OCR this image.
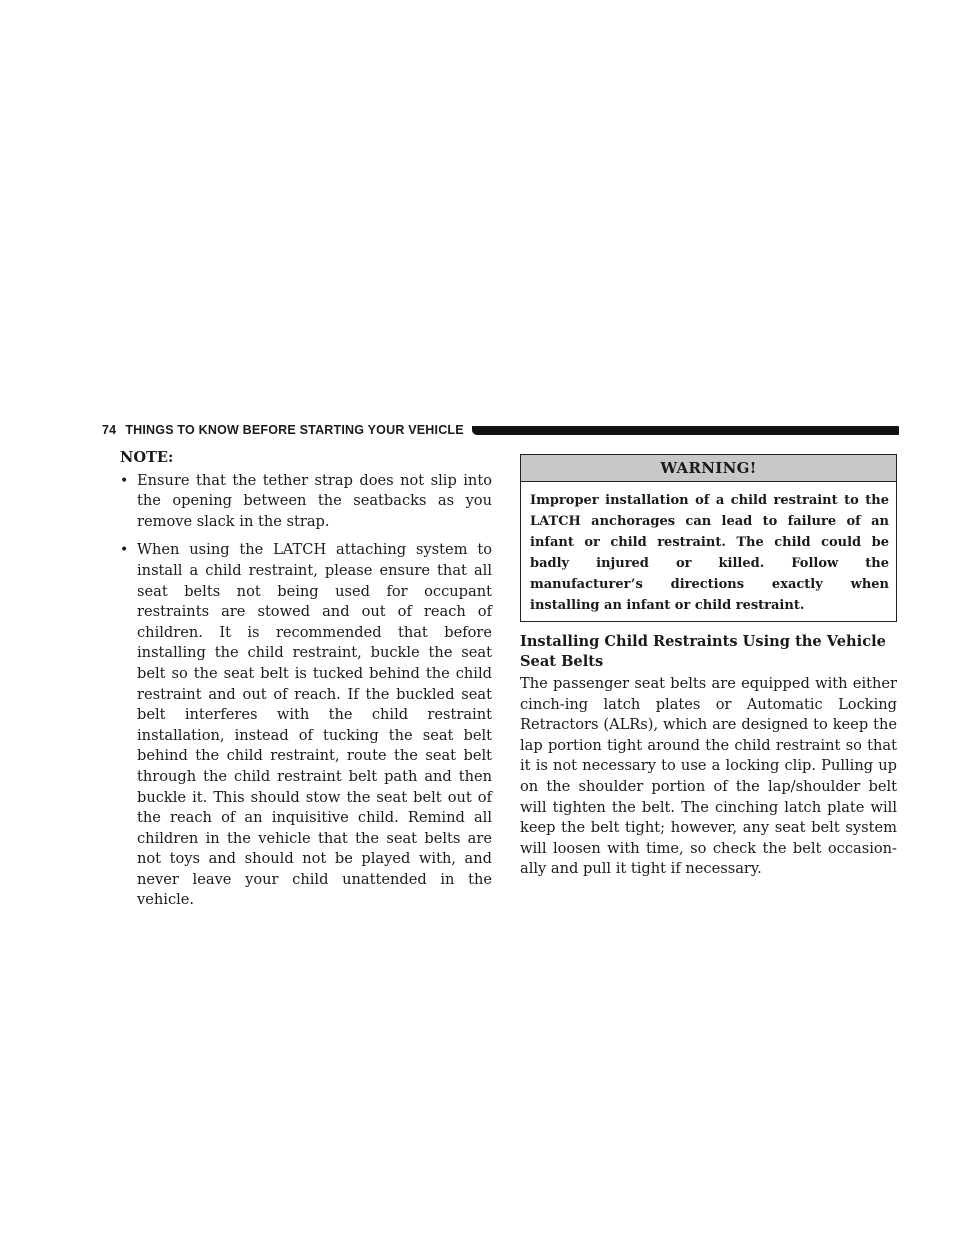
74 THINGS TO KNOW BEFORE STARTING YOUR VEHICLE
NOTE:
• Ensure that the tether strap does not slip into the opening between the seatbacks as you remove slack in the strap.
• When using the LATCH attaching system to install a child restraint, please ensure that all seat belts not being used for occupant restraints are stowed and out of reach of children. It is recommended that before installing the child restraint, buckle the seat belt so the seat belt is tucked behind the child restraint and out of reach. If the buckled seat belt interferes with the child restraint installation, instead of tucking the seat belt behind the child restraint, route the seat belt through the child restraint belt path and then buckle it. This should stow the seat belt out of the reach of an inquisitive child. Remind all children in the vehicle that the seat belts are not toys and should not be played with, and never leave your child unattended in the vehicle.
WARNING!
Improper installation of a child restraint to the LATCH anchorages can lead to failure of an infant or child restraint. The child could be badly injured or killed. Follow the manufacturer’s directions exactly when installing an infant or child restraint.
Installing Child Restraints Using the Vehicle Seat Belts
The passenger seat belts are equipped with either cinch-ing latch plates or Automatic Locking Retractors (ALRs), which are designed to keep the lap portion tight around the child restraint so that it is not necessary to use a locking clip. Pulling up on the shoulder portion of the lap/shoulder belt will tighten the belt. The cinching latch plate will keep the belt tight; however, any seat belt system will loosen with time, so check the belt occasion-ally and pull it tight if necessary.
